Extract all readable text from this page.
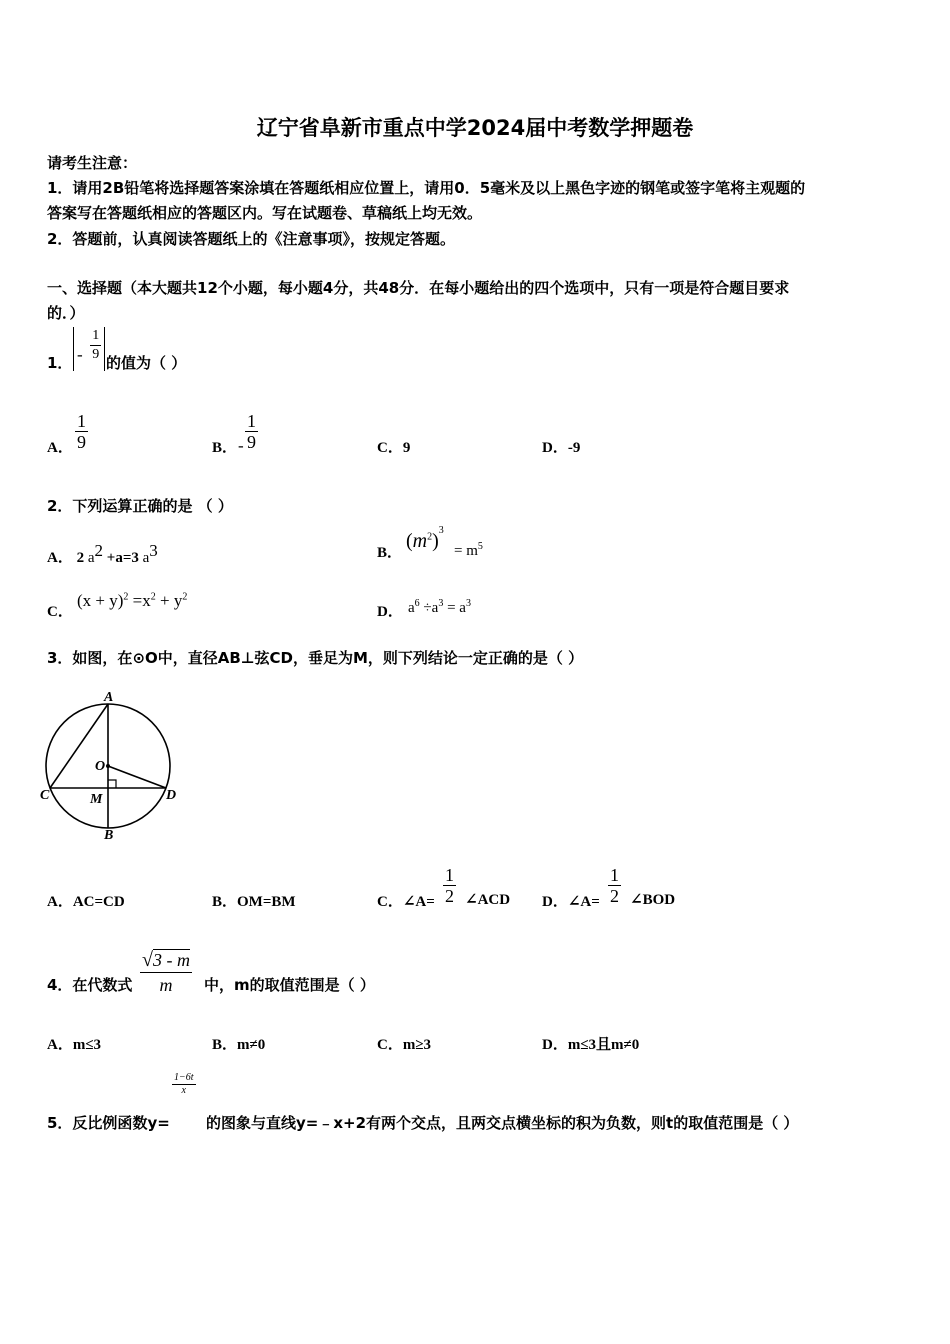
辽宁省阜新市重点中学2024届中考数学押题卷
请考生注意：
1．请用2B铅笔将选择题答案涂填在答题纸相应位置上，请用0．5毫米及以上黑色字迹的钢笔或签字笔将主观题的
答案写在答题纸相应的答题区内。写在试题卷、草稿纸上均无效。
2．答题前，认真阅读答题纸上的《注意事项》，按规定答题。
一、选择题（本大题共12个小题，每小题4分，共48分．在每小题给出的四个选项中，只有一项是符合题目要求
的．）
1． - $\frac{1}{9}$ 的值为（ ）
A． $\frac{1}{9}$	B． - $\frac{1}{9}$	C．9	D．-9
2．下列运算正确的是 （ ）
A． 2 $a^2 +a=3$ $a^3$	B．
$(m^2)^3$
= $m^5$
C．
$(x + y)^2 =x^2 + y^2$
D． $a^6 \div a^3 = a^3$
3．如图，在⊙O中，直径AB⊥弦CD，垂足为M，则下列结论一定正确的是（ ）
A
B
C	D
O
M
A．AC=CD	B．OM=BM	C．∠A= $\frac{1}{2}$ ∠ACD D．∠A= $\frac{1}{2}$ ∠BOD
4．在代数式
√3 - m
m	中，m的取值范围是（ ）
A．m≤3	B．m≠0	C．m≥3	D．m≤3且m≠0
5．反比例函数y=
$\frac{1-6t}{x}$
的图象与直线y=﹣x+2有两个交点，且两交点横坐标的积为负数，则t的取值范围是（ ）
